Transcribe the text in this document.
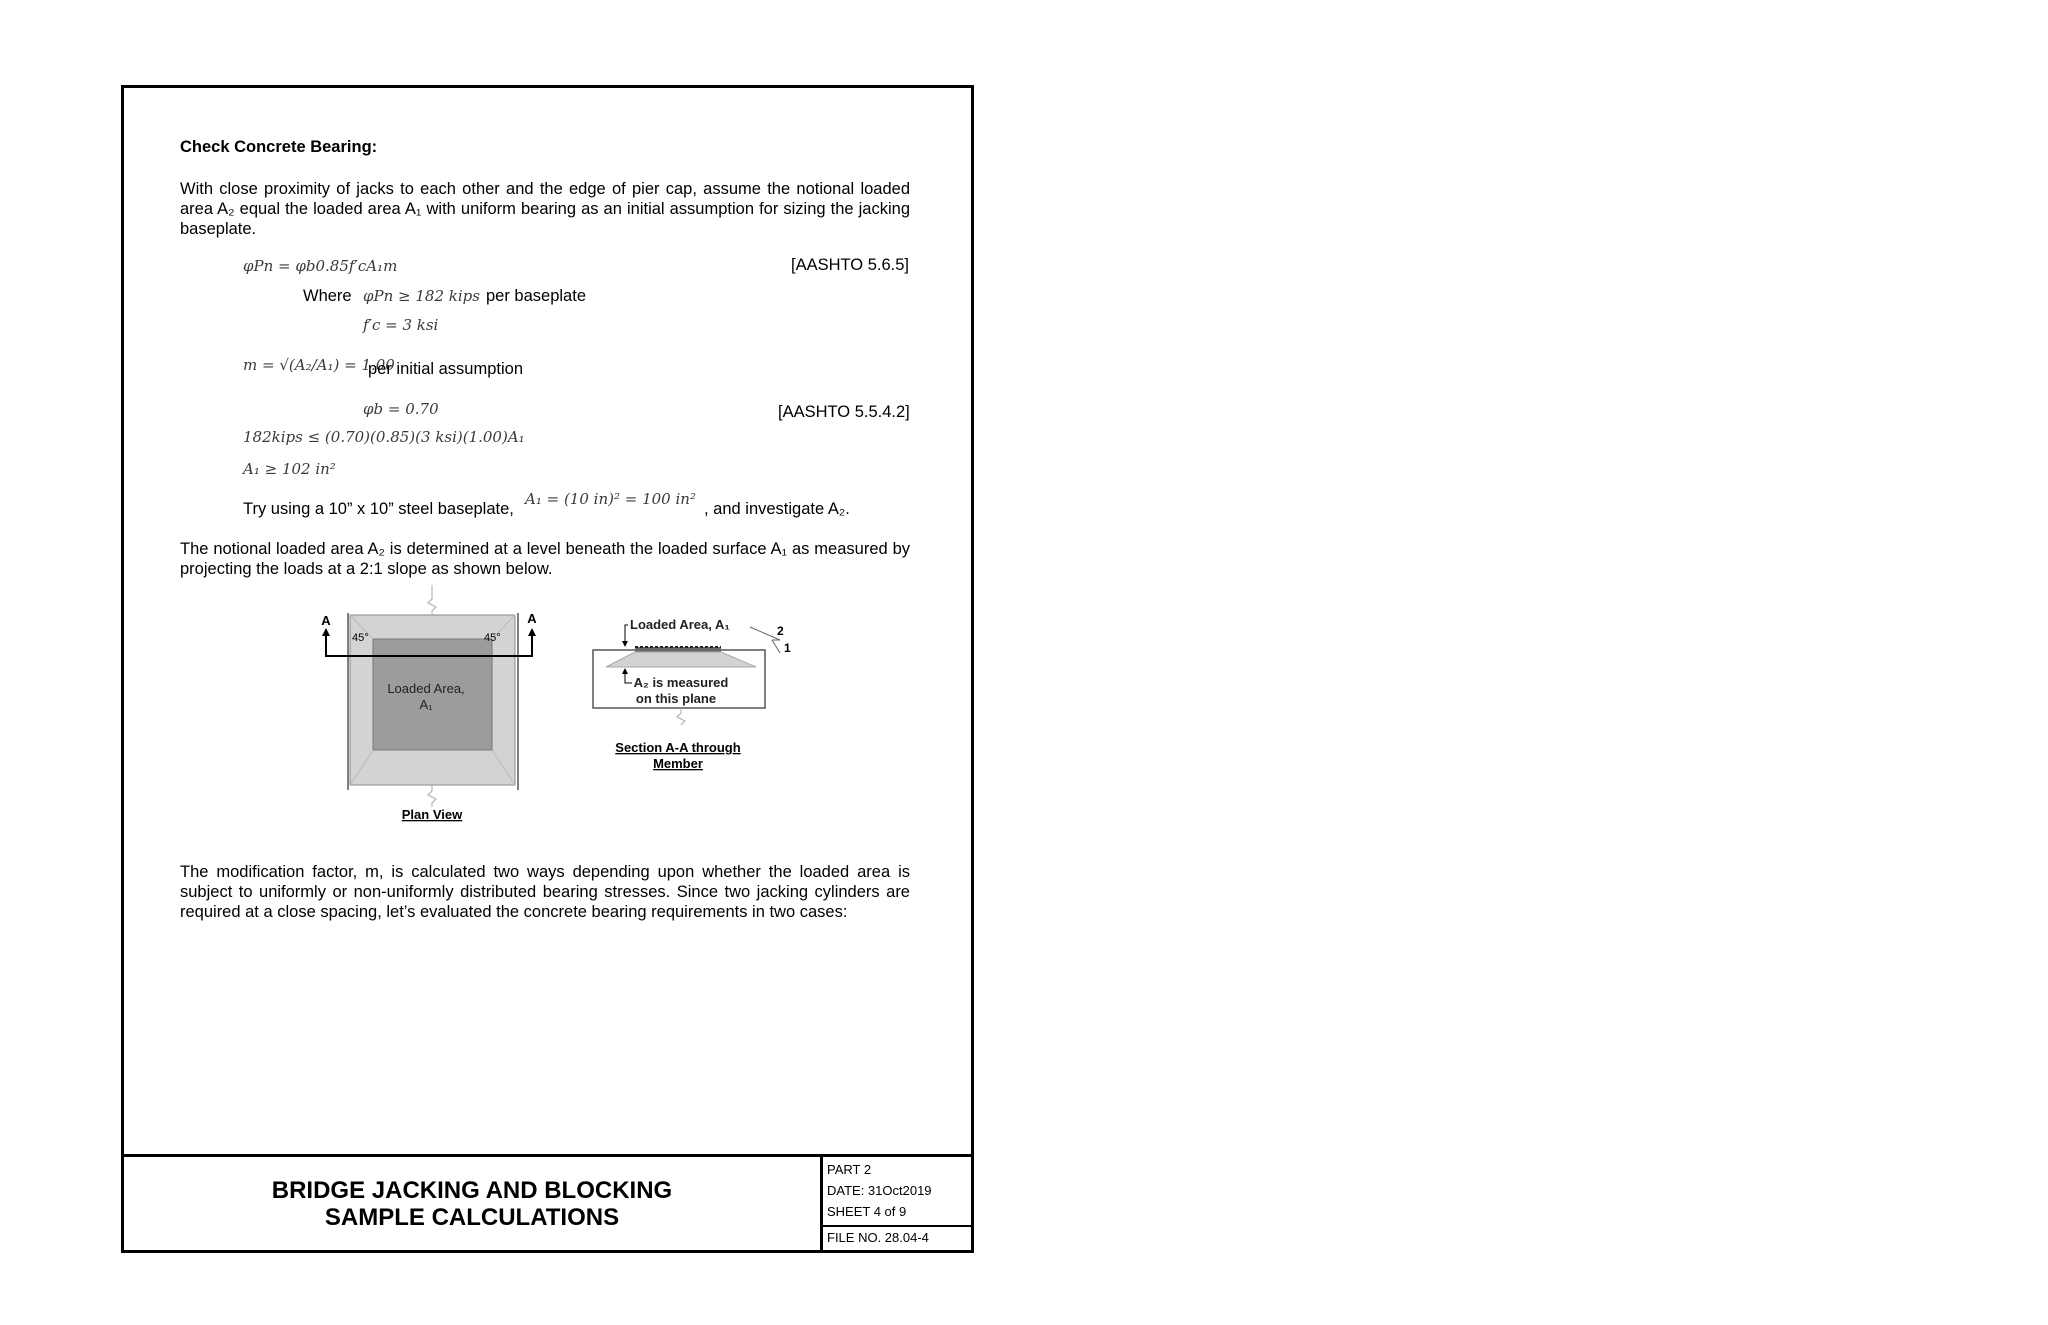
BRIDGE JACKING AND BLOCKING
SAMPLE CALCULATIONS
PART 2
DATE: 31Oct2019
SHEET 4 of 9
FILE NO. 28.04-4
Check Concrete Bearing:
With close proximity of jacks to each other and the edge of pier cap, assume the notional loaded area A₂ equal the loaded area A₁ with uniform bearing as an initial assumption for sizing the jacking baseplate.
φPn = φb0.85f′cA₁m	[AASHTO 5.6.5]
Where φPn ≥ 182 kips per baseplate
f′c = 3 ksi
m = √(A₂/A₁) = 1.00
per initial assumption
φb = 0.70	[AASHTO 5.5.4.2]
182kips ≤ (0.70)(0.85)(3 ksi)(1.00)A₁
A₁ ≥ 102 in²
Try using a 10” x 10” steel baseplate,
A₁ = (10 in)² = 100 in²
, and investigate A₂.
The notional loaded area A₂ is determined at a level beneath the loaded surface A₁ as measured by projecting the loads at a 2:1 slope as shown below.
A	A
45°	45°
Loaded Area,
A₁
Plan View
Loaded Area, A₁	2
1
A₂ is measured
on this plane
Section A-A through
Member
The modification factor, m, is calculated two ways depending upon whether the loaded area is subject to uniformly or non-uniformly distributed bearing stresses. Since two jacking cylinders are required at a close spacing, let’s evaluated the concrete bearing requirements in two cases:
